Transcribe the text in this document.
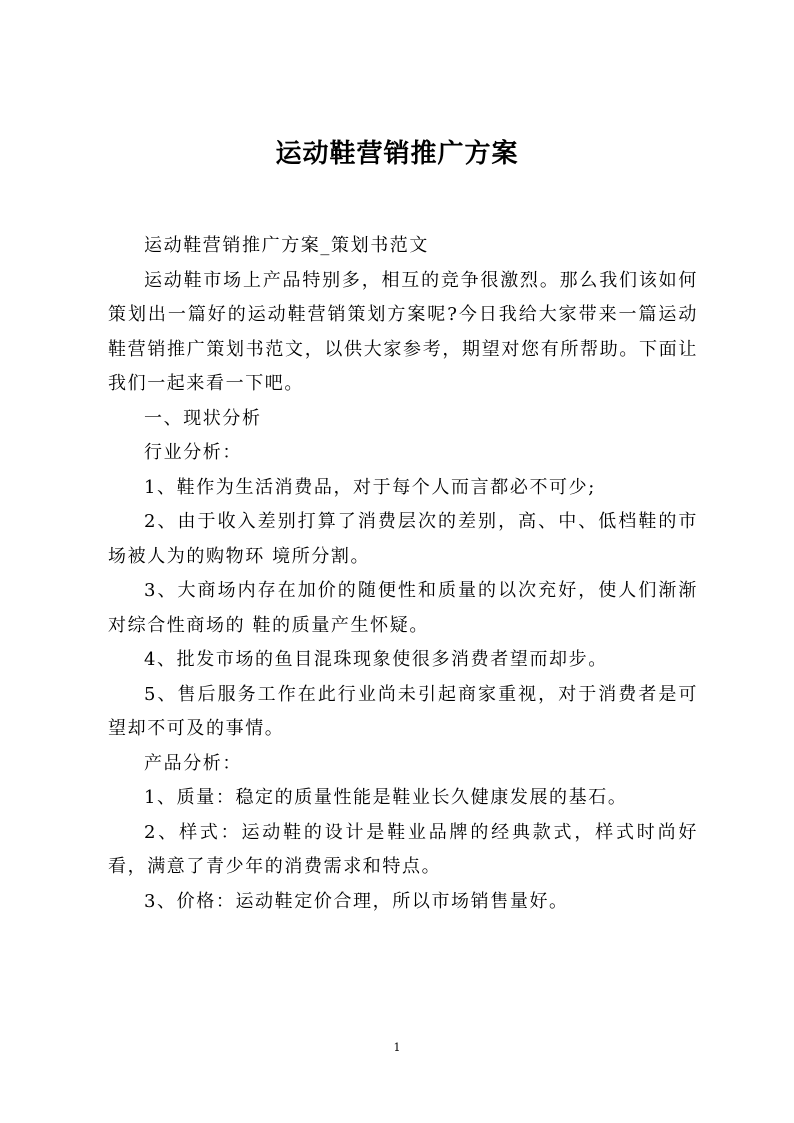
运动鞋营销推广方案

运动鞋营销推广方案_策划书范文

运动鞋市场上产品特别多，相互的竞争很激烈。那么我们该如何策划出一篇好的运动鞋营销策划方案呢?今日我给大家带来一篇运动鞋营销推广策划书范文，以供大家参考，期望对您有所帮助。下面让我们一起来看一下吧。

一、现状分析

行业分析：

1、鞋作为生活消费品，对于每个人而言都必不可少;

2、由于收入差别打算了消费层次的差别，高、中、低档鞋的市场被人为的购物环 境所分割。

3、大商场内存在加价的随便性和质量的以次充好，使人们渐渐对综合性商场的 鞋的质量产生怀疑。

4、批发市场的鱼目混珠现象使很多消费者望而却步。

5、售后服务工作在此行业尚未引起商家重视，对于消费者是可望却不可及的事情。

产品分析：

1、质量：稳定的质量性能是鞋业长久健康发展的基石。

2、样式：运动鞋的设计是鞋业品牌的经典款式，样式时尚好看，满意了青少年的消费需求和特点。

3、价格：运动鞋定价合理，所以市场销售量好。

1
